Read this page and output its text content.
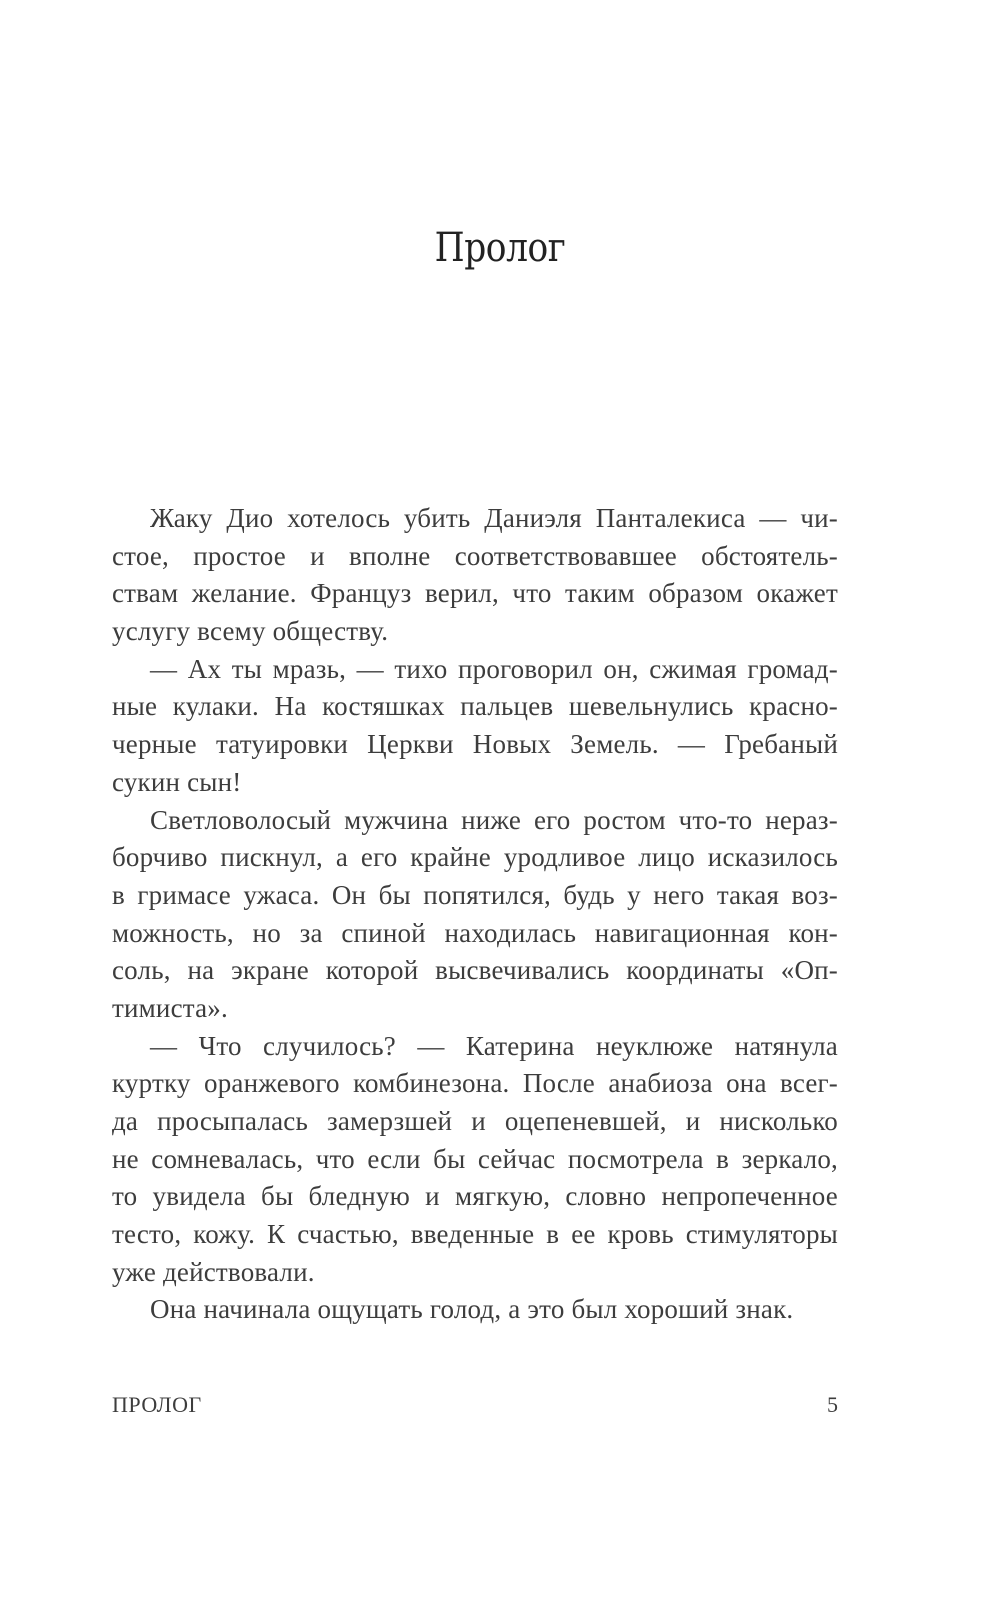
Пролог
Жаку Дио хотелось убить Даниэля Панталекиса — чи-
стое, простое и вполне соответствовавшее обстоятель-
ствам желание. Француз верил, что таким образом окажет
услугу всему обществу.
— Ах ты мразь, — тихо проговорил он, сжимая громад-
ные кулаки. На костяшках пальцев шевельнулись красно-
черные татуировки Церкви Новых Земель. — Гребаный
сукин сын!
Светловолосый мужчина ниже его ростом что-то нераз-
борчиво пискнул, а его крайне уродливое лицо исказилось
в гримасе ужаса. Он бы попятился, будь у него такая воз-
можность, но за спиной находилась навигационная кон-
соль, на экране которой высвечивались координаты «Оп-
тимиста».
— Что случилось? — Катерина неуклюже натянула
куртку оранжевого комбинезона. После анабиоза она всег-
да просыпалась замерзшей и оцепеневшей, и нисколько
не сомневалась, что если бы сейчас посмотрела в зеркало,
то увидела бы бледную и мягкую, словно непропеченное
тесто, кожу. К счастью, введенные в ее кровь стимуляторы
уже действовали.
Она начинала ощущать голод, а это был хороший знак.
ПРОЛОГ	5
